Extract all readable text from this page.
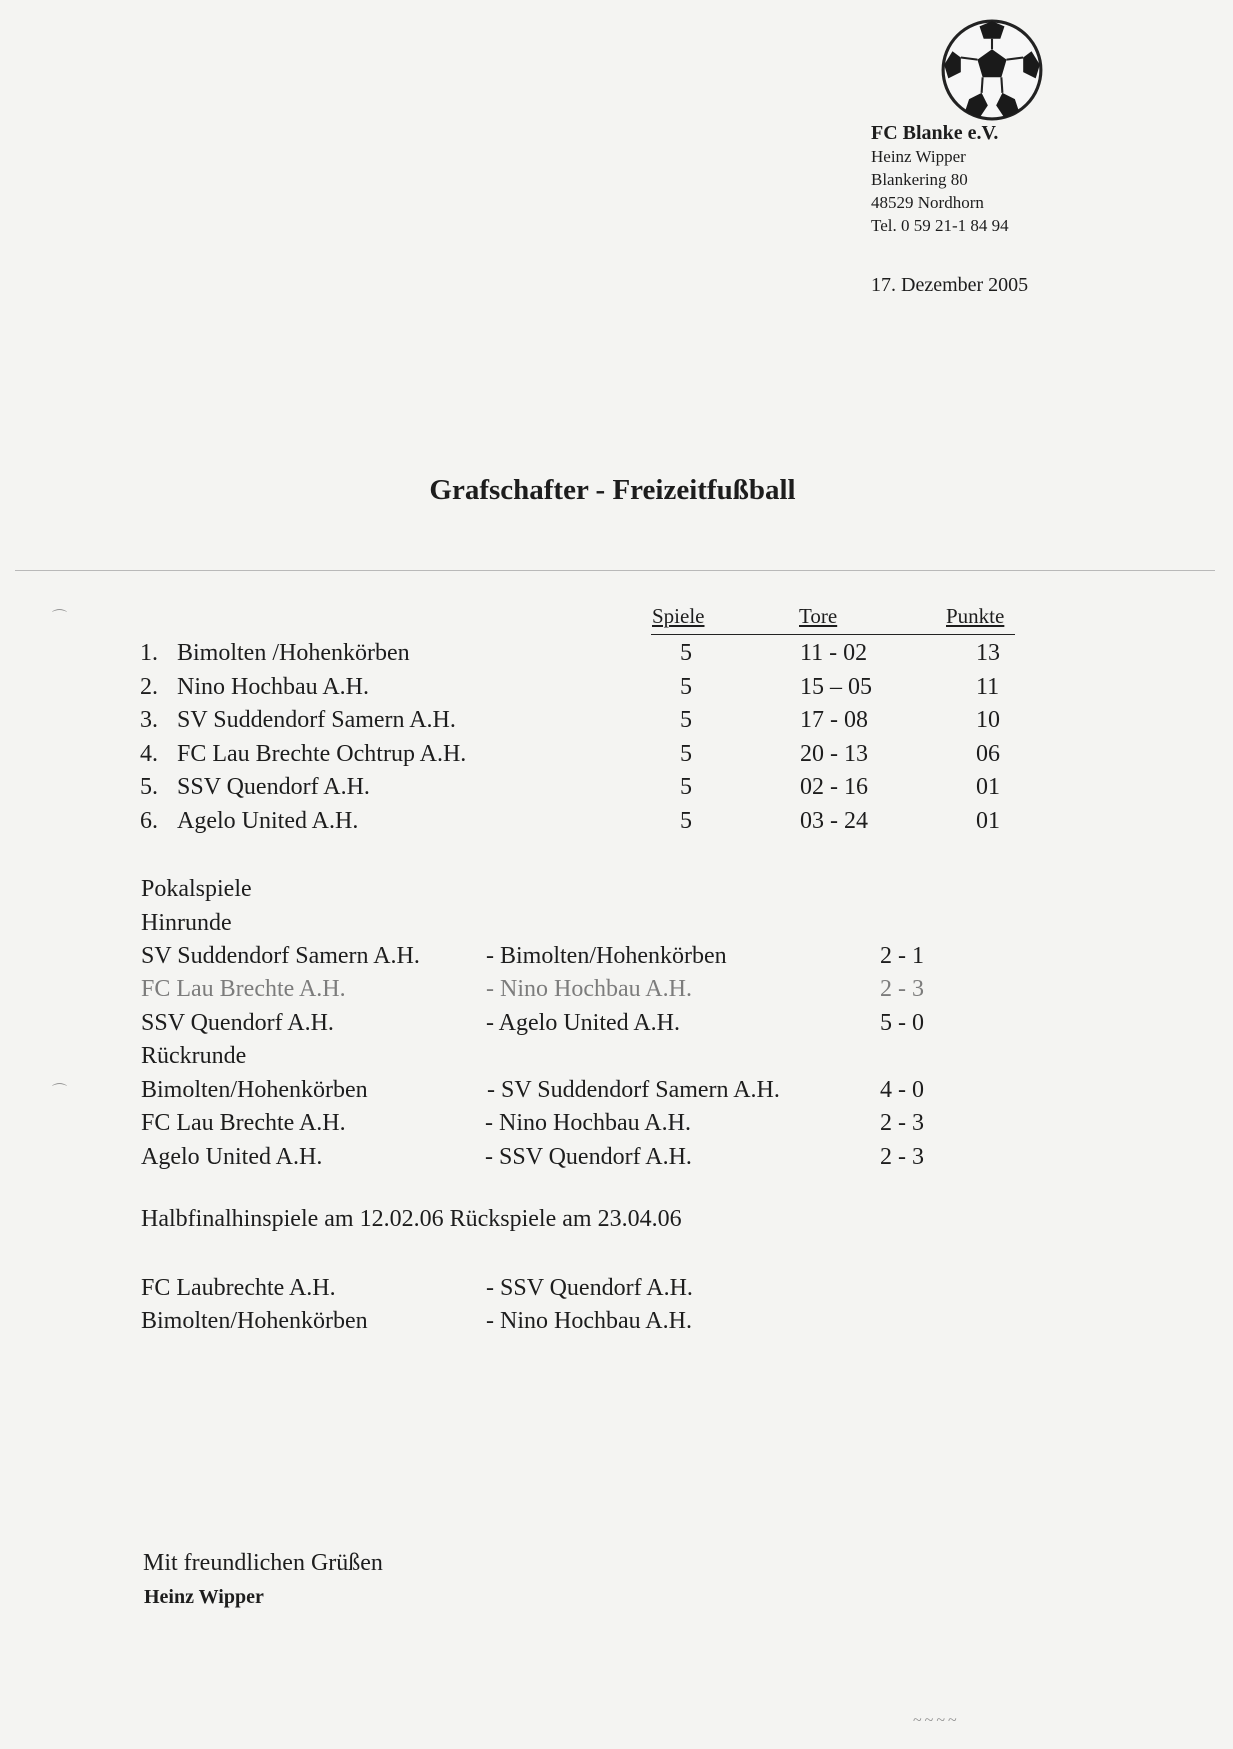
FC Blanke e.V.
Heinz Wipper
Blankering 80
48529 Nordhorn
Tel. 0 59 21-1 84 94
17. Dezember 2005
Grafschafter - Freizeitfußball
⌒
⌒
Spiele	Tore	Punkte
1. Bimolten /Hohenkörben	5	11 - 02	13
2. Nino Hochbau A.H.	5	15 – 05	11
3. SV Suddendorf Samern A.H.	5	17 - 08	10
4. FC Lau Brechte Ochtrup A.H.	5	20 - 13	06
5. SSV Quendorf A.H.	5	02 - 16	01
6. Agelo United A.H.	5	03 - 24	01
Pokalspiele
Hinrunde
SV Suddendorf Samern A.H.	- Bimolten/Hohenkörben	2 - 1
FC Lau Brechte A.H.	- Nino Hochbau A.H.	2 - 3
SSV Quendorf A.H.	- Agelo United A.H.	5 - 0
Rückrunde
Bimolten/Hohenkörben	- SV Suddendorf Samern A.H.	4 - 0
FC Lau Brechte A.H.	- Nino Hochbau A.H.	2 - 3
Agelo United A.H.	- SSV Quendorf A.H.	2 - 3
Halbfinalhinspiele am 12.02.06 Rückspiele am 23.04.06
FC Laubrechte A.H.	- SSV Quendorf A.H.
Bimolten/Hohenkörben	- Nino Hochbau A.H.
Mit freundlichen Grüßen
Heinz Wipper
~~~~
